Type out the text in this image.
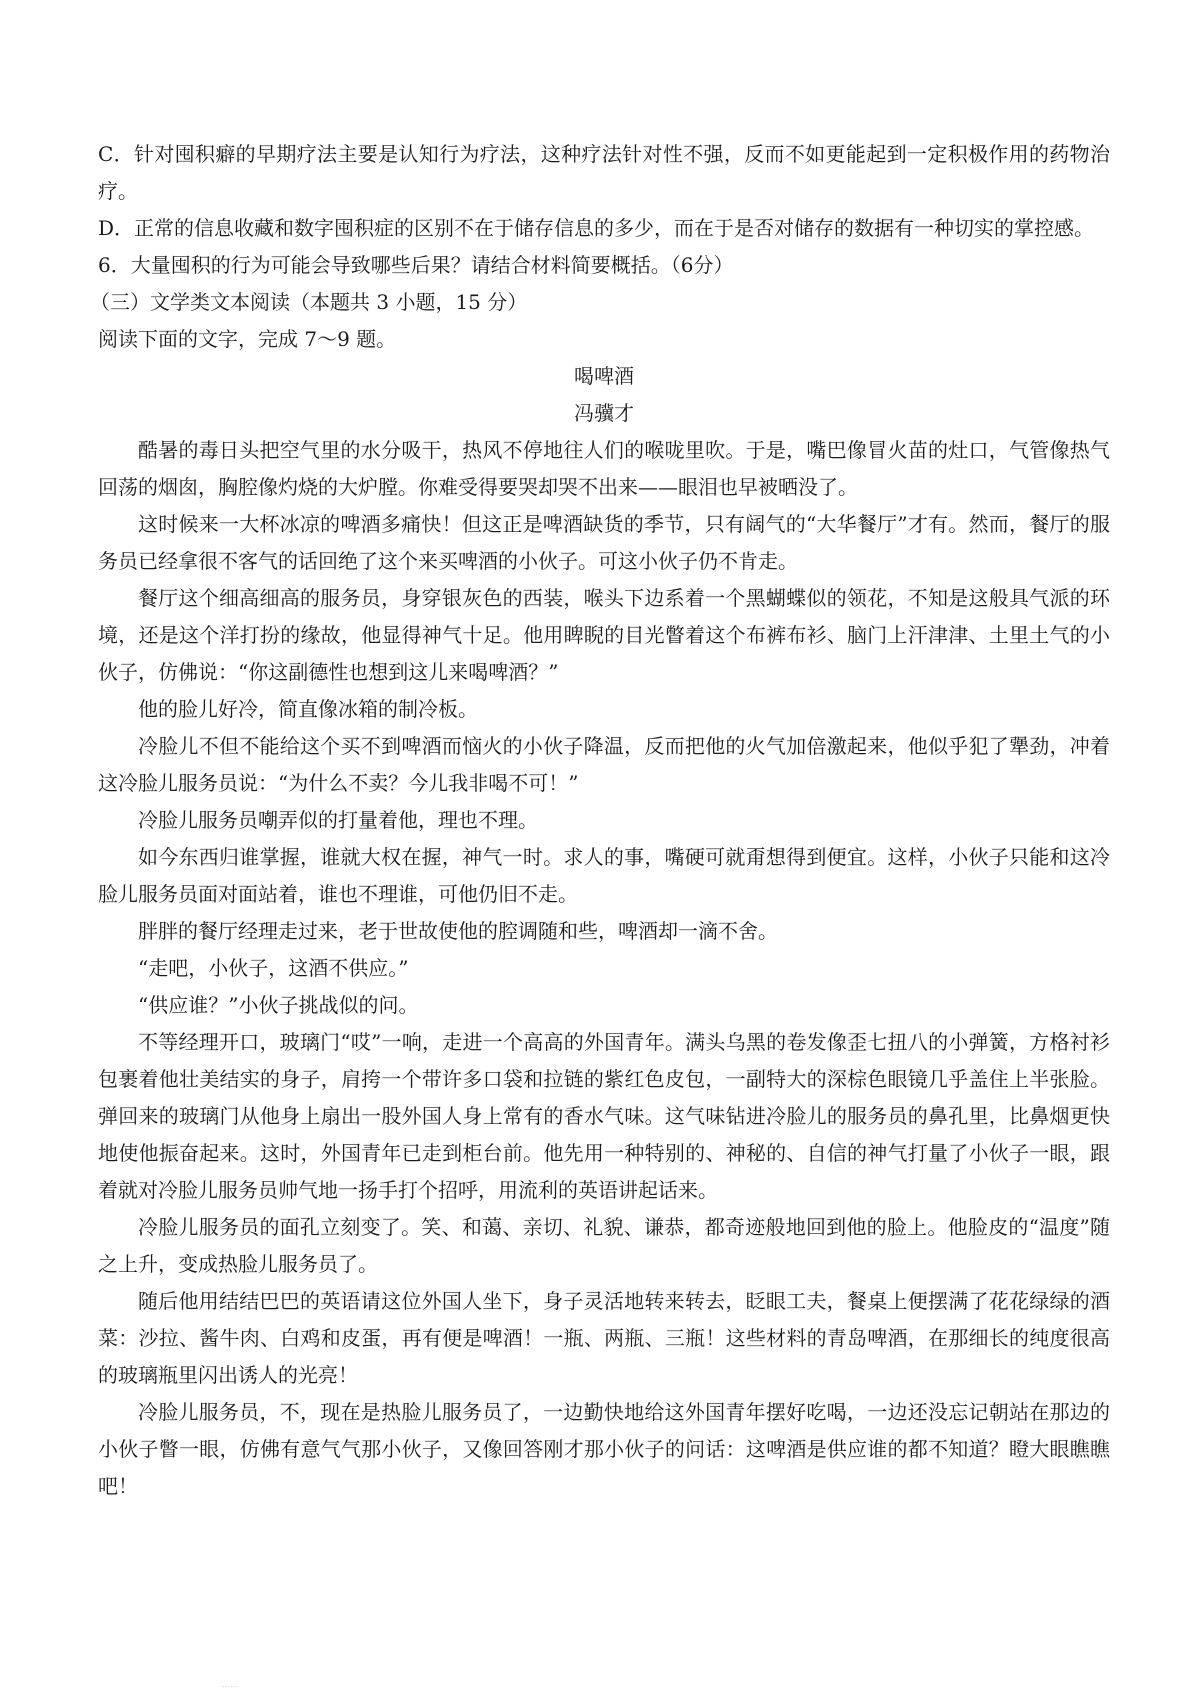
C．针对囤积癖的早期疗法主要是认知行为疗法，这种疗法针对性不强，反而不如更能起到一定积极作用的药物治疗。

D．正常的信息收藏和数字囤积症的区别不在于储存信息的多少，而在于是否对储存的数据有一种切实的掌控感。

6．大量囤积的行为可能会导致哪些后果？请结合材料简要概括。（6分）

（三）文学类文本阅读（本题共 3 小题，15 分）

阅读下面的文字，完成 7～9 题。

喝啤酒

冯骥才

酷暑的毒日头把空气里的水分吸干，热风不停地往人们的喉咙里吹。于是，嘴巴像冒火苗的灶口，气管像热气回荡的烟囱，胸腔像灼烧的大炉膛。你难受得要哭却哭不出来——眼泪也早被晒没了。

这时候来一大杯冰凉的啤酒多痛快！但这正是啤酒缺货的季节，只有阔气的“大华餐厅”才有。然而，餐厅的服务员已经拿很不客气的话回绝了这个来买啤酒的小伙子。可这小伙子仍不肯走。

餐厅这个细高细高的服务员，身穿银灰色的西装，喉头下边系着一个黑蝴蝶似的领花，不知是这般具气派的环境，还是这个洋打扮的缘故，他显得神气十足。他用睥睨的目光瞥着这个布裤布衫、脑门上汗津津、土里土气的小伙子，仿佛说：“你这副德性也想到这儿来喝啤酒？”

他的脸儿好冷，简直像冰箱的制冷板。

冷脸儿不但不能给这个买不到啤酒而恼火的小伙子降温，反而把他的火气加倍激起来，他似乎犯了犟劲，冲着这冷脸儿服务员说：“为什么不卖？今儿我非喝不可！”

冷脸儿服务员嘲弄似的打量着他，理也不理。

如今东西归谁掌握，谁就大权在握，神气一时。求人的事，嘴硬可就甭想得到便宜。这样，小伙子只能和这冷脸儿服务员面对面站着，谁也不理谁，可他仍旧不走。

胖胖的餐厅经理走过来，老于世故使他的腔调随和些，啤酒却一滴不舍。

“走吧，小伙子，这酒不供应。”

“供应谁？”小伙子挑战似的问。

不等经理开口，玻璃门“哎”一响，走进一个高高的外国青年。满头乌黑的卷发像歪七扭八的小弹簧，方格衬衫包裹着他壮美结实的身子，肩挎一个带许多口袋和拉链的紫红色皮包，一副特大的深棕色眼镜几乎盖住上半张脸。弹回来的玻璃门从他身上扇出一股外国人身上常有的香水气味。这气味钻进冷脸儿的服务员的鼻孔里，比鼻烟更快地使他振奋起来。这时，外国青年已走到柜台前。他先用一种特别的、神秘的、自信的神气打量了小伙子一眼，跟着就对冷脸儿服务员帅气地一扬手打个招呼，用流利的英语讲起话来。

冷脸儿服务员的面孔立刻变了。笑、和蔼、亲切、礼貌、谦恭，都奇迹般地回到他的脸上。他脸皮的“温度”随之上升，变成热脸儿服务员了。

随后他用结结巴巴的英语请这位外国人坐下，身子灵活地转来转去，眨眼工夫，餐桌上便摆满了花花绿绿的酒菜：沙拉、酱牛肉、白鸡和皮蛋，再有便是啤酒！一瓶、两瓶、三瓶！这些材料的青岛啤酒，在那细长的纯度很高的玻璃瓶里闪出诱人的光亮！

冷脸儿服务员，不，现在是热脸儿服务员了，一边勤快地给这外国青年摆好吃喝，一边还没忘记朝站在那边的小伙子瞥一眼，仿佛有意气气那小伙子，又像回答刚才那小伙子的问话：这啤酒是供应谁的都不知道？瞪大眼瞧瞧吧！

……
